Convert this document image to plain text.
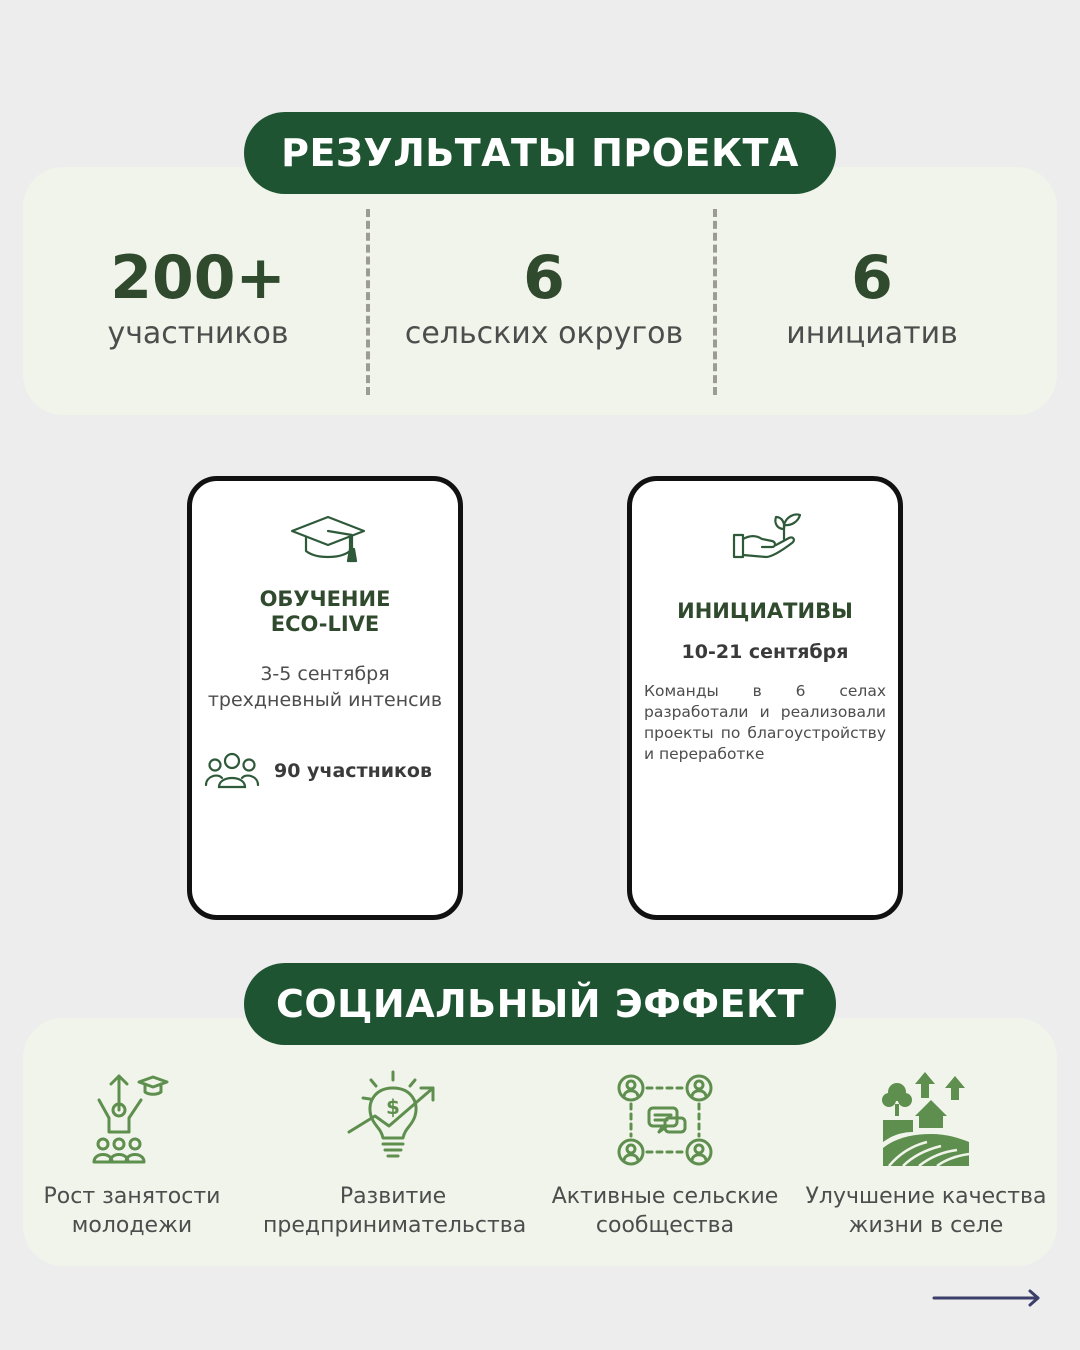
РЕЗУЛЬТАТЫ ПРОЕКТА
200+
участников
6
сельских округов
6
инициатив
ОБУЧЕНИЕ
ECO-LIVE
3-5 сентября
трехдневный интенсив
90 участников
ИНИЦИАТИВЫ
10-21 сентября
Команды в 6 селах разработали и реализовали проекты по благоустройству и переработке
СОЦИАЛЬНЫЙ ЭФФЕКТ
Рост занятости
молодежи
$
Развитие
предпринимательства
Активные сельские
сообщества
Улучшение качества
жизни в селе
